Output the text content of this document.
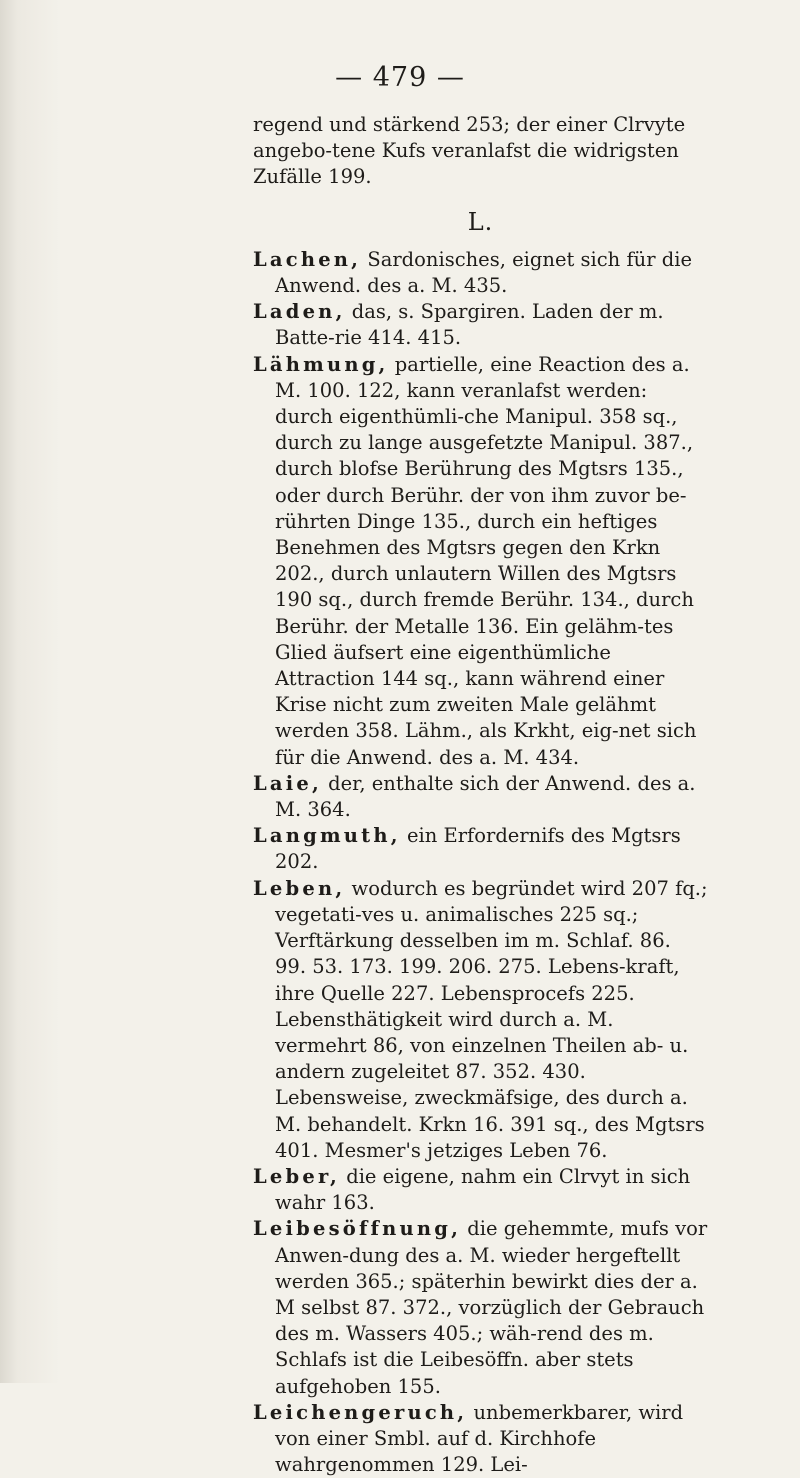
— 479 —

regend und stärkend 253; der einer Clrvyte angebo-tene Kufs veranlafst die widrigsten Zufälle 199.

L.

Lachen, Sardonisches, eignet sich für die Anwend. des a. M. 435.

Laden, das, s. Spargiren. Laden der m. Batte-rie 414. 415.

Lähmung, partielle, eine Reaction des a. M. 100. 122, kann veranlafst werden: durch eigenthümli-che Manipul. 358 sq., durch zu lange ausgefetzte Manipul. 387., durch blofse Berührung des Mgtsrs 135., oder durch Berühr. der von ihm zuvor be-rührten Dinge 135., durch ein heftiges Benehmen des Mgtsrs gegen den Krkn 202., durch unlautern Willen des Mgtsrs 190 sq., durch fremde Berühr. 134., durch Berühr. der Metalle 136. Ein gelähm-tes Glied äufsert eine eigenthümliche Attraction 144 sq., kann während einer Krise nicht zum zweiten Male gelähmt werden 358. Lähm., als Krkht, eig-net sich für die Anwend. des a. M. 434.

Laie, der, enthalte sich der Anwend. des a. M. 364.

Langmuth, ein Erfordernifs des Mgtsrs 202.

Leben, wodurch es begründet wird 207 fq.; vegetati-ves u. animalisches 225 sq.; Verftärkung desselben im m. Schlaf. 86. 99. 53. 173. 199. 206. 275. Lebens-kraft, ihre Quelle 227. Lebensprocefs 225. Lebensthätigkeit wird durch a. M. vermehrt 86, von einzelnen Theilen ab- u. andern zugeleitet 87. 352. 430. Lebensweise, zweckmäfsige, des durch a. M. behandelt. Krkn 16. 391 sq., des Mgtsrs 401. Mesmer's jetziges Leben 76.

Leber, die eigene, nahm ein Clrvyt in sich wahr 163.

Leibesöffnung, die gehemmte, mufs vor Anwen-dung des a. M. wieder hergeftellt werden 365.; späterhin bewirkt dies der a. M selbst 87. 372., vorzüglich der Gebrauch des m. Wassers 405.; wäh-rend des m. Schlafs ist die Leibesöffn. aber stets aufgehoben 155.

Leichengeruch, unbemerkbarer, wird von einer Smbl. auf d. Kirchhofe wahrgenommen 129. Lei-
